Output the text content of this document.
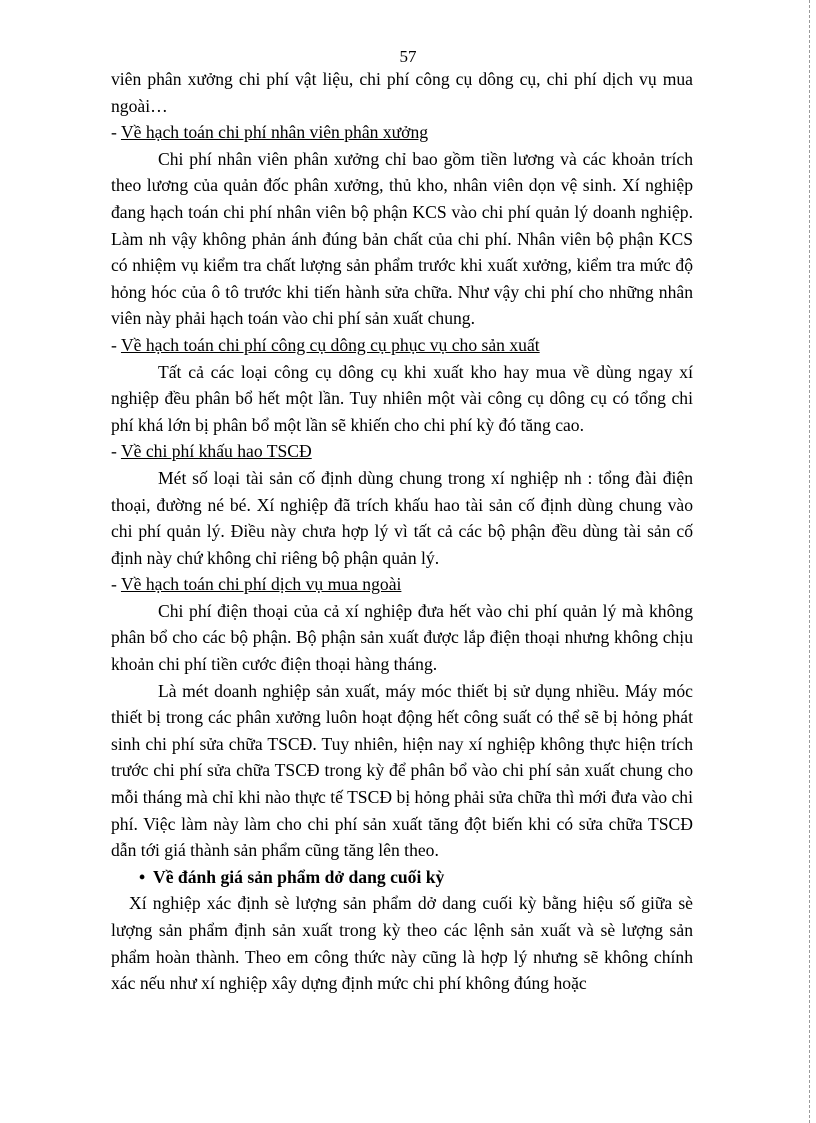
57

viên phân xưởng chi phí vật liệu, chi phí công cụ dông cụ, chi phí dịch vụ mua ngoài…

- Về hạch toán chi phí nhân viên phân xưởng

Chi phí nhân viên phân xưởng chỉ bao gồm tiền lương và các khoản trích theo lương của quản đốc phân xưởng, thủ kho, nhân viên dọn vệ sinh. Xí nghiệp đang hạch toán chi phí nhân viên bộ phận KCS vào chi phí quản lý doanh nghiệp. Làm nh vậy không phản ánh đúng bản chất của chi phí. Nhân viên bộ phận KCS có nhiệm vụ kiểm tra chất lượng sản phẩm trước khi xuất xưởng, kiểm tra mức độ hỏng hóc của ô tô trước khi tiến hành sửa chữa. Như vậy chi phí cho những nhân viên này phải hạch toán vào chi phí sản xuất chung.

- Về hạch toán chi phí công cụ dông cụ phục vụ cho sản xuất

Tất cả các loại công cụ dông cụ khi xuất kho hay mua về dùng ngay xí nghiệp đều phân bổ hết một lần. Tuy nhiên một vài công cụ dông cụ có tổng chi phí khá lớn bị phân bổ một lần sẽ khiến cho chi phí kỳ đó tăng cao.

- Về chi phí khấu hao TSCĐ

Mét số loại tài sản cố định dùng chung trong xí nghiệp nh : tổng đài điện thoại, đường né bé. Xí nghiệp đã trích khấu hao tài sản cố định dùng chung vào chi phí quản lý. Điều này chưa hợp lý vì tất cả các bộ phận đều dùng tài sản cố định này chứ không chỉ riêng bộ phận quản lý.

- Về hạch toán chi phí dịch vụ mua ngoài

Chi phí điện thoại của cả xí nghiệp đưa hết vào chi phí quản lý mà không phân bổ cho các bộ phận. Bộ phận sản xuất được lắp điện thoại nhưng không chịu khoản chi phí tiền cước điện thoại hàng tháng.

Là mét doanh nghiệp sản xuất, máy móc thiết bị sử dụng nhiều. Máy móc thiết bị trong các phân xưởng luôn hoạt động hết công suất có thể sẽ bị hỏng phát sinh chi phí sửa chữa TSCĐ. Tuy nhiên, hiện nay xí nghiệp không thực hiện trích trước chi phí sửa chữa TSCĐ trong kỳ để phân bổ vào chi phí sản xuất chung cho mỗi tháng mà chỉ khi nào thực tế TSCĐ bị hỏng phải sửa chữa thì mới đưa vào chi phí. Việc làm này làm cho chi phí sản xuất tăng đột biến khi có sửa chữa TSCĐ dẫn tới giá thành sản phẩm cũng tăng lên theo.

• Về đánh giá sản phẩm dở dang cuối kỳ

Xí nghiệp xác định sè lượng sản phẩm dở dang cuối kỳ bằng hiệu số giữa sè lượng sản phẩm định sản xuất trong kỳ theo các lệnh sản xuất và sè lượng sản phẩm hoàn thành. Theo em công thức này cũng là hợp lý nhưng sẽ không chính xác nếu như xí nghiệp xây dựng định mức chi phí không đúng hoặc
